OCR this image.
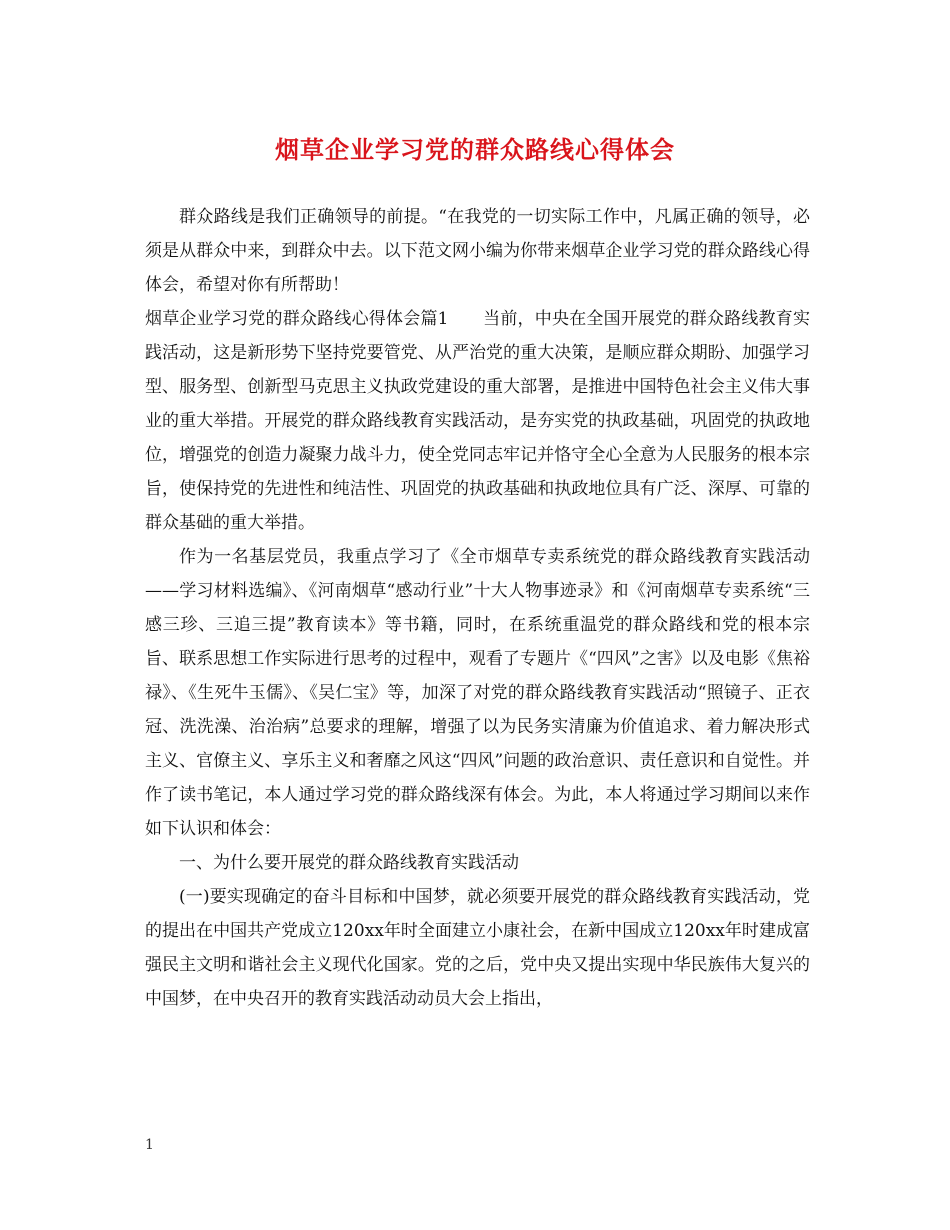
烟草企业学习党的群众路线心得体会

群众路线是我们正确领导的前提。“在我党的一切实际工作中，凡属正确的领导，必须是从群众中来，到群众中去。以下范文网小编为你带来烟草企业学习党的群众路线心得体会，希望对你有所帮助！

烟草企业学习党的群众路线心得体会篇1　　当前，中央在全国开展党的群众路线教育实践活动，这是新形势下坚持党要管党、从严治党的重大决策，是顺应群众期盼、加强学习型、服务型、创新型马克思主义执政党建设的重大部署，是推进中国特色社会主义伟大事业的重大举措。开展党的群众路线教育实践活动，是夯实党的执政基础，巩固党的执政地位，增强党的创造力凝聚力战斗力，使全党同志牢记并恪守全心全意为人民服务的根本宗旨，使保持党的先进性和纯洁性、巩固党的执政基础和执政地位具有广泛、深厚、可靠的群众基础的重大举措。

作为一名基层党员，我重点学习了《全市烟草专卖系统党的群众路线教育实践活动——学习材料选编》、《河南烟草“感动行业”十大人物事迹录》和《河南烟草专卖系统“三感三珍、三追三提”教育读本》等书籍，同时，在系统重温党的群众路线和党的根本宗旨、联系思想工作实际进行思考的过程中，观看了专题片《“四风”之害》以及电影《焦裕禄》、《生死牛玉儒》、《吴仁宝》等，加深了对党的群众路线教育实践活动“照镜子、正衣冠、洗洗澡、治治病”总要求的理解，增强了以为民务实清廉为价值追求、着力解决形式主义、官僚主义、享乐主义和奢靡之风这“四风”问题的政治意识、责任意识和自觉性。并作了读书笔记，本人通过学习党的群众路线深有体会。为此，本人将通过学习期间以来作如下认识和体会：

一、为什么要开展党的群众路线教育实践活动

(一)要实现确定的奋斗目标和中国梦，就必须要开展党的群众路线教育实践活动，党的提出在中国共产党成立120xx年时全面建立小康社会，在新中国成立120xx年时建成富强民主文明和谐社会主义现代化国家。党的之后，党中央又提出实现中华民族伟大复兴的中国梦，在中央召开的教育实践活动动员大会上指出，

1
